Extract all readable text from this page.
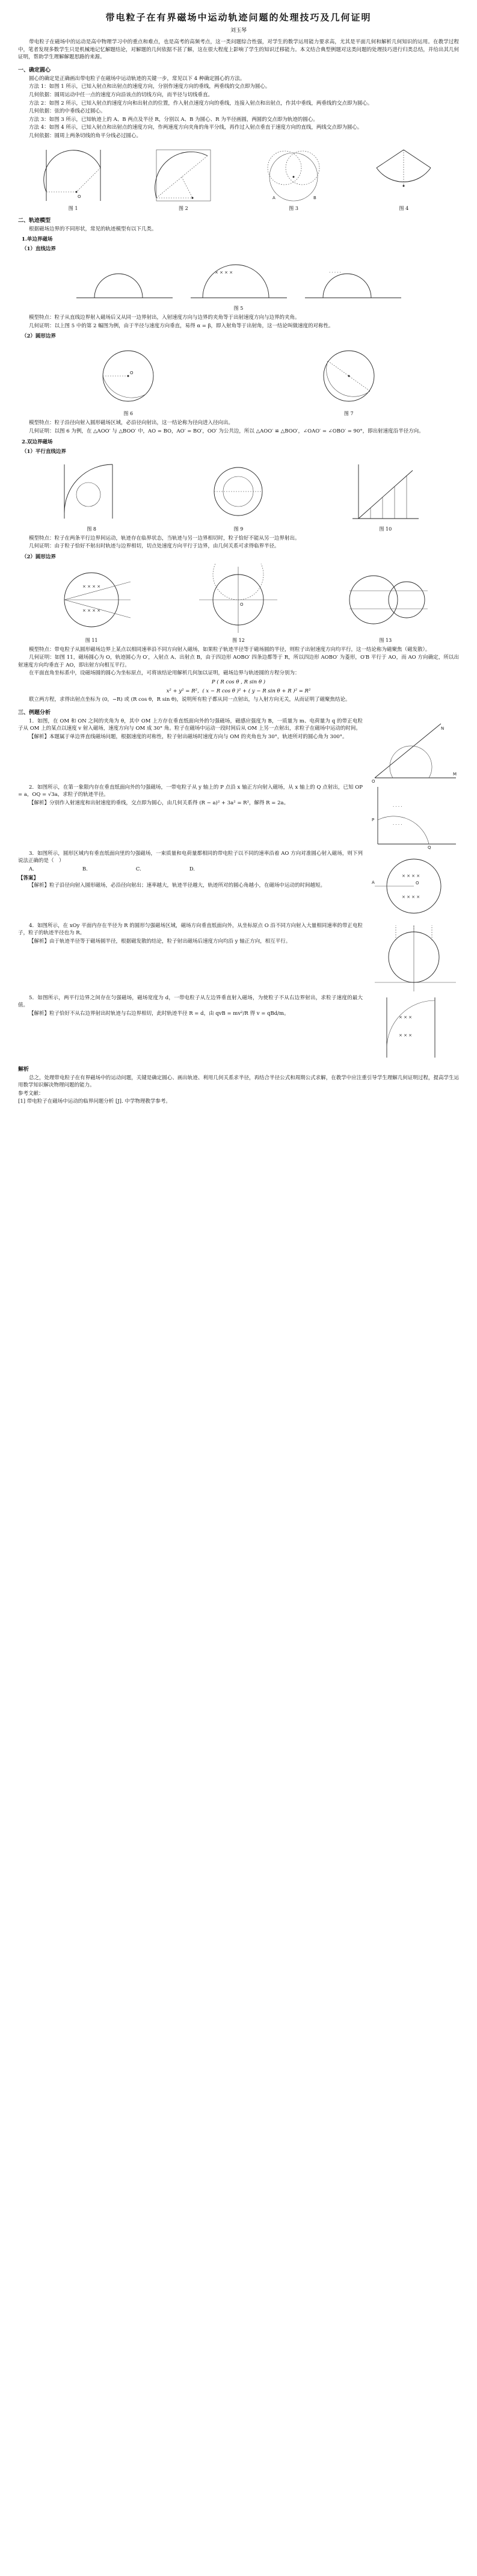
带电粒子在有界磁场中运动轨迹问题的处理技巧及几何证明
刘玉琴

带电粒子在磁场中的运动是高中物理学习中的重点和难点，也是高考的高频考点，这一类问题综合性强，对学生的数学运用能力要求高，尤其是平面几何和解析几何知识的运用。在教学过程中，笔者发现多数学生只是机械地记忆解题结论，对解题的几何依据不甚了解，这在很大程度上影响了学生的知识迁移能力。本文结合典型例题对这类问题的处理技巧进行归类总结，并给出其几何证明，帮助学生理解解题思路的来源。

一、确定圆心

圆心的确定是正确画出带电粒子在磁场中运动轨迹的关键一步，常见以下 4 种确定圆心的方法。

方法 1：如图 1 所示，已知入射点和出射点的速度方向，分别作速度方向的垂线，两垂线的交点即为圆心。

几何依据：圆周运动中任一点的速度方向沿该点的切线方向，而半径与切线垂直。

方法 2：如图 2 所示，已知入射点的速度方向和出射点的位置，作入射点速度方向的垂线，连接入射点和出射点，作其中垂线，两垂线的交点即为圆心。

几何依据：弦的中垂线必过圆心。

方法 3：如图 3 所示，已知轨迹上的 A、B 两点及半径 R，分别以 A、B 为圆心、R 为半径画圆，两圆的交点即为轨迹的圆心。

方法 4：如图 4 所示，已知入射点和出射点的速度方向，作两速度方向夹角的角平分线，再作过入射点垂直于速度方向的直线，两线交点即为圆心。

几何依据：圆周上两条切线的角平分线必过圆心。

O
图 1	图 2
A	B
图 3	图 4
二、轨迹模型

根据磁场边界的不同形状，常见的轨迹模型有以下几类。

1.单边界磁场
（1）直线边界
× × × ×	· · · · ·
图 5

模型特点：粒子从直线边界射入磁场后又从同一边界射出，入射速度方向与边界的夹角等于出射速度方向与边界的夹角。

几何证明：以上图 5 中的第 2 幅图为例，由于半径与速度方向垂直，易得 α = β，即入射角等于出射角，这一结论叫做速度的对称性。

（2）圆形边界
O
图 6	图 7

模型特点：粒子沿径向射入圆形磁场区域，必沿径向射出，这一结论称为径向进入径向出。

几何证明：以图 6 为例，在 △AOO′ 与 △BOO′ 中，AO = BO，AO′ = BO′，OO′ 为公共边，所以 △AOO′ ≌ △BOO′，∠OAO′ = ∠OBO′ = 90°，即出射速度沿半径方向。

2.双边界磁场
（1）平行直线边界
图 8	图 9	图 10

模型特点：粒子在两条平行边界间运动，轨迹存在临界状态，当轨迹与另一边界相切时，粒子恰好不能从另一边界射出。

几何证明：由于粒子恰好不射出时轨迹与边界相切，切点处速度方向平行于边界，由几何关系可求得临界半径。

（2）圆形边界
× × × ×
× × × ×
图 11
O
图 12	图 13

模型特点：带电粒子从圆形磁场边界上某点以相同速率沿不同方向射入磁场，如果粒子轨迹半径等于磁场圆的半径，则粒子出射速度方向均平行，这一结论称为磁聚焦（磁发散）。

几何证明：如图 11，磁场圆心为 O，轨迹圆心为 O′，入射点 A、出射点 B，由于四边形 AOBO′ 四条边都等于 R，所以四边形 AOBO′ 为菱形，O′B 平行于 AO，而 AO 方向确定，所以出射速度方向均垂直于 AO，即出射方向相互平行。

在平面直角坐标系中，设磁场圆的圆心为坐标原点，可将该结论用解析几何加以证明，磁场边界与轨迹圆的方程分别为：

P ( R cos θ , R sin θ )
x² + y² = R²，( x − R cos θ )² + ( y − R sin θ + R )² = R²

联立两方程，求得出射点坐标为 (0，−R) 或 (R cos θ，R sin θ)，说明所有粒子都从同一点射出，与入射方向无关，从而证明了磁聚焦结论。

三、例题分析

1．如图，在 OM 和 ON 之间的夹角为 θ，其中 OM 上方存在垂直纸面向外的匀强磁场，磁感应强度为 B，一质量为 m、电荷量为 q 的带正电粒子从 OM 上的某点以速度 v 射入磁场，速度方向与 OM 成 30° 角。粒子在磁场中运动一段时间后从 OM 上另一点射出，求粒子在磁场中运动的时间。

【解析】本题属于单边界直线磁场问题，根据速度的对称性，粒子射出磁场时速度方向与 OM 的夹角也为 30°，轨迹所对的圆心角为 300°。

N
M
O

2．如图所示，在第一象限内存在垂直纸面向外的匀强磁场，一带电粒子从 y 轴上的 P 点沿 x 轴正方向射入磁场，从 x 轴上的 Q 点射出，已知 OP = a，OQ = √3a，求粒子的轨迹半径。

【解析】分别作入射速度和出射速度的垂线，交点即为圆心，由几何关系得 (R − a)² + 3a² = R²，解得 R = 2a。

P
Q
· · · ·
· · · ·

3．如图所示，圆形区域内有垂直纸面向里的匀强磁场，一束质量和电荷量都相同的带电粒子以不同的速率沿着 AO 方向对准圆心射入磁场，则下列说法正确的是（　）

A.	B.	C.	D.
【答案】

【解析】粒子沿径向射入圆形磁场，必沿径向射出；速率越大，轨迹半径越大，轨迹所对的圆心角越小，在磁场中运动的时间越短。

× × × ×
× × × ×
A	O

4．如图所示，在 xOy 平面内存在半径为 R 的圆形匀强磁场区域，磁场方向垂直纸面向外，从坐标原点 O 沿不同方向射入大量相同速率的带正电粒子，粒子的轨迹半径也为 R。

【解析】由于轨迹半径等于磁场圆半径，根据磁发散的结论，粒子射出磁场后速度方向均沿 y 轴正方向，相互平行。

5．如图所示，两平行边界之间存在匀强磁场，磁场宽度为 d，一带电粒子从左边界垂直射入磁场，为使粒子不从右边界射出，求粒子速度的最大值。

【解析】粒子恰好不从右边界射出时轨迹与右边界相切，此时轨迹半径 R = d，由 qvB = mv²/R 得 v = qBd/m。

× × ×
× × ×
解析

总之，处理带电粒子在有界磁场中的运动问题，关键是确定圆心、画出轨迹、利用几何关系求半径，再结合半径公式和周期公式求解，在教学中应注重引导学生理解几何证明过程，提高学生运用数学知识解决物理问题的能力。

参考文献：

[1] 带电粒子在磁场中运动的临界问题分析 [J]. 中学物理教学参考。
